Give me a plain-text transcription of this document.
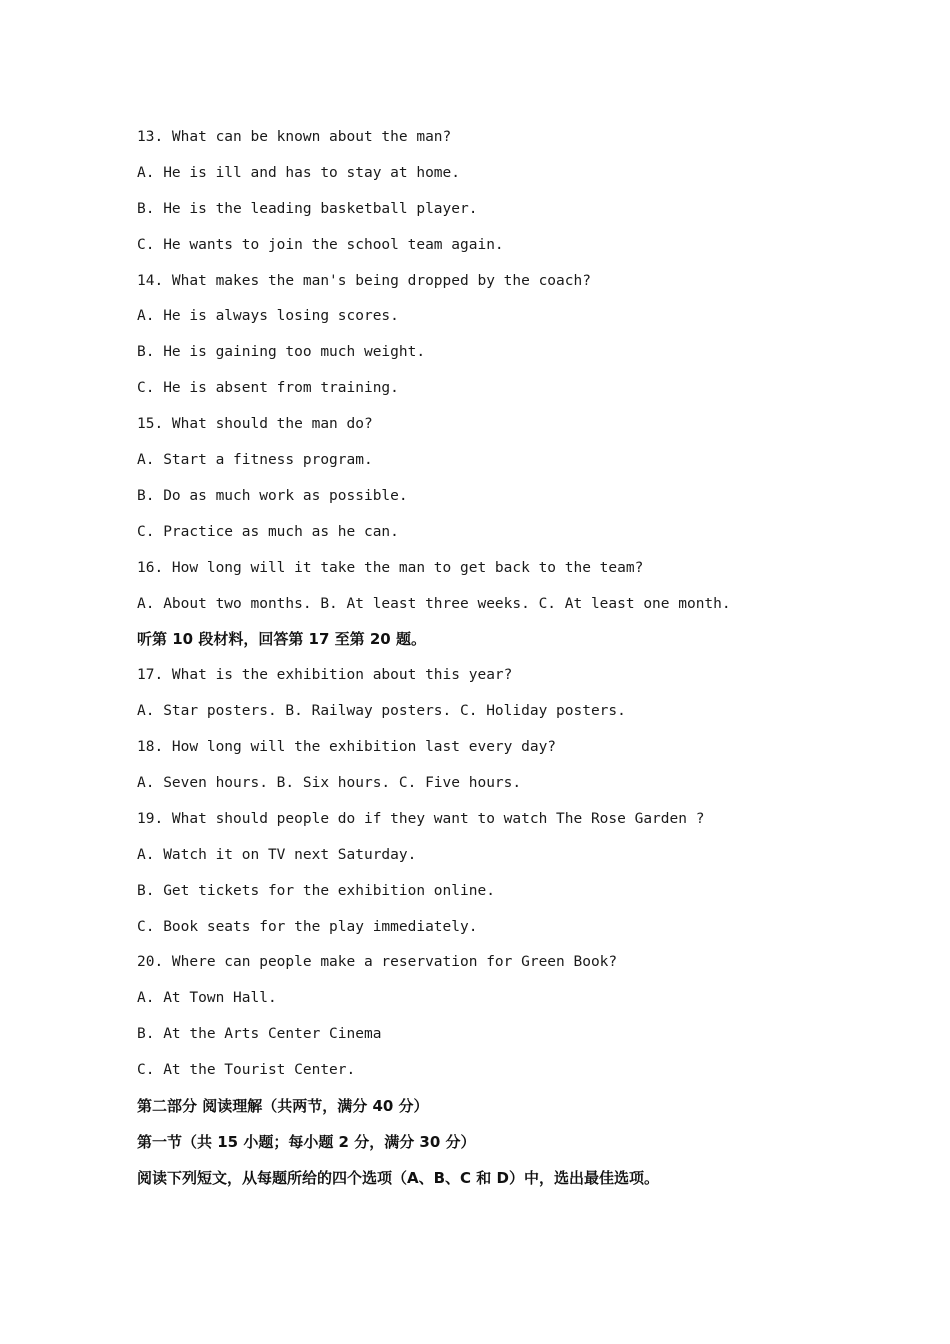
13. What can be known about the man?
A. He is ill and has to stay at home.
B. He is the leading basketball player.
C. He wants to join the school team again.
14. What makes the man's being dropped by the coach?
A. He is always losing scores.
B. He is gaining too much weight.
C. He is absent from training.
15. What should the man do?
A. Start a fitness program.
B. Do as much work as possible.
C. Practice as much as he can.
16. How long will it take the man to get back to the team?
A. About two months. B. At least three weeks. C. At least one month.
听第 10 段材料，回答第 17 至第 20 题。
17. What is the exhibition about this year?
A. Star posters. B. Railway posters. C. Holiday posters.
18. How long will the exhibition last every day?
A. Seven hours. B. Six hours. C. Five hours.
19. What should people do if they want to watch The Rose Garden ?
A. Watch it on TV next Saturday.
B. Get tickets for the exhibition online.
C. Book seats for the play immediately.
20. Where can people make a reservation for Green Book?
A. At Town Hall.
B. At the Arts Center Cinema
C. At the Tourist Center.
第二部分 阅读理解（共两节，满分 40 分）
第一节（共 15 小题；每小题 2 分，满分 30 分）
阅读下列短文，从每题所给的四个选项（A、B、C 和 D）中，选出最佳选项。
